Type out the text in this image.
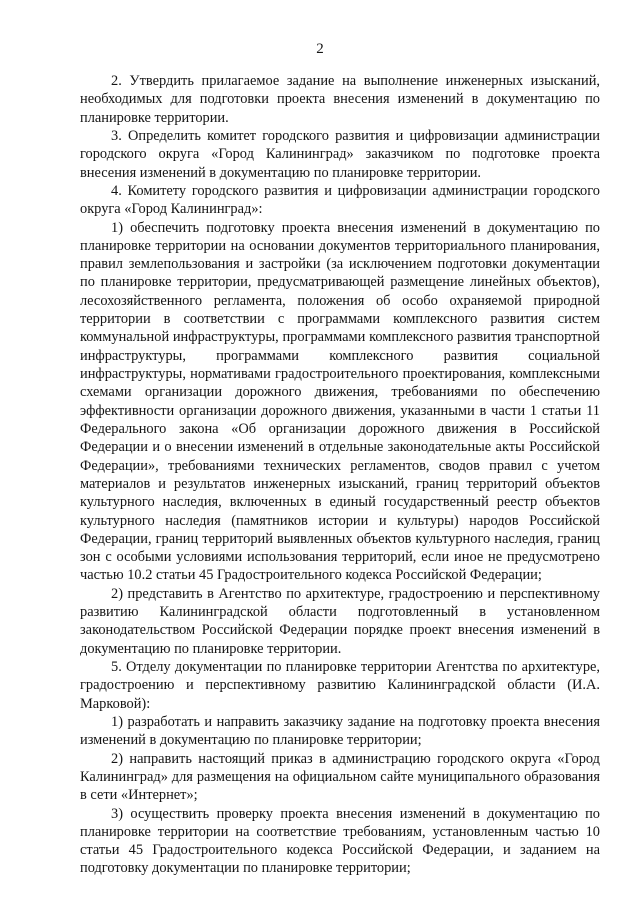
2

2. Утвердить прилагаемое задание на выполнение инженерных изысканий, необходимых для подготовки проекта внесения изменений в документацию по планировке территории.

3. Определить комитет городского развития и цифровизации администрации городского округа «Город Калининград» заказчиком по подготовке проекта внесения изменений в документацию по планировке территории.

4. Комитету городского развития и цифровизации администрации городского округа «Город Калининград»:

1) обеспечить подготовку проекта внесения изменений в документацию по планировке территории на основании документов территориального планирования, правил землепользования и застройки (за исключением подготовки документации по планировке территории, предусматривающей размещение линейных объектов), лесохозяйственного регламента, положения об особо охраняемой природной территории в соответствии с программами комплексного развития систем коммунальной инфраструктуры, программами комплексного развития транспортной инфраструктуры, программами комплексного развития социальной инфраструктуры, нормативами градостроительного проектирования, комплексными схемами организации дорожного движения, требованиями по обеспечению эффективности организации дорожного движения, указанными в части 1 статьи 11 Федерального закона «Об организации дорожного движения в Российской Федерации и о внесении изменений в отдельные законодательные акты Российской Федерации», требованиями технических регламентов, сводов правил с учетом материалов и результатов инженерных изысканий, границ территорий объектов культурного наследия, включенных в единый государственный реестр объектов культурного наследия (памятников истории и культуры) народов Российской Федерации, границ территорий выявленных объектов культурного наследия, границ зон с особыми условиями использования территорий, если иное не предусмотрено частью 10.2 статьи 45 Градостроительного кодекса Российской Федерации;

2) представить в Агентство по архитектуре, градостроению и перспективному развитию Калининградской области подготовленный в установленном законодательством Российской Федерации порядке проект внесения изменений в документацию по планировке территории.

5. Отделу документации по планировке территории Агентства по архитектуре, градостроению и перспективному развитию Калининградской области (И.А. Марковой):

1) разработать и направить заказчику задание на подготовку проекта внесения изменений в документацию по планировке территории;

2) направить настоящий приказ в администрацию городского округа «Город Калининград» для размещения на официальном сайте муниципального образования в сети «Интернет»;

3) осуществить проверку проекта внесения изменений в документацию по планировке территории на соответствие требованиям, установленным частью 10 статьи 45 Градостроительного кодекса Российской Федерации, и заданием на подготовку документации по планировке территории;
